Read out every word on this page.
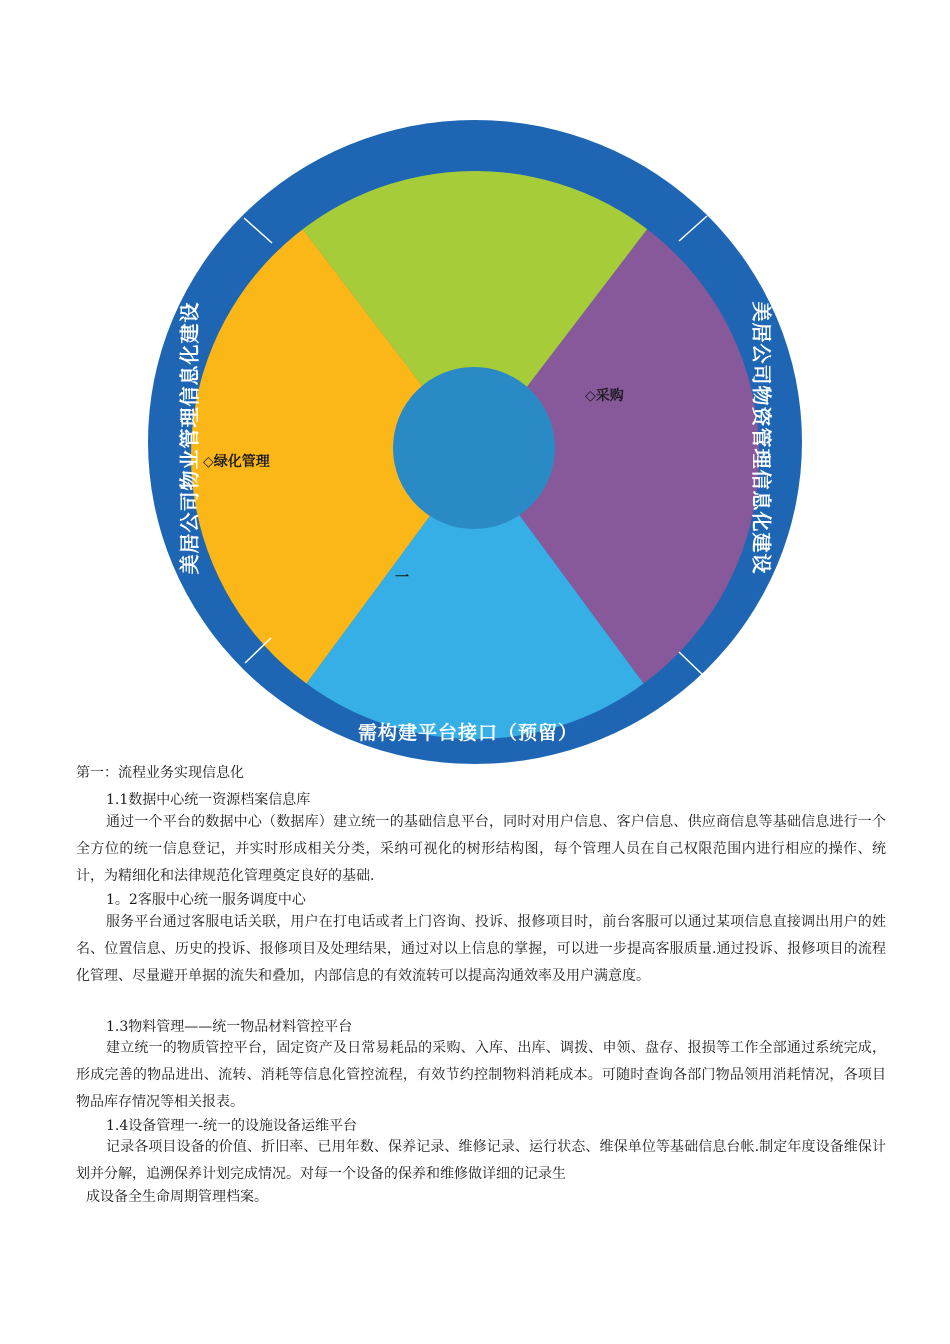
美居公司客服管理信息化建设
美居公司物业管理信息化建设	美居公司物资管理信息化建设
需构建平台接口（预留）
◇绿化管理
◇采购
一
第一：流程业务实现信息化
1.1数据中心统一资源档案信息库
通过一个平台的数据中心（数据库）建立统一的基础信息平台，同时对用户信息、客户信息、供应商信息等基础信息进行一个全方位的统一信息登记，并实时形成相关分类，采纳可视化的树形结构图，每个管理人员在自己权限范围内进行相应的操作、统计，为精细化和法律规范化管理奠定良好的基础.
1。2客服中心统一服务调度中心
服务平台通过客服电话关联，用户在打电话或者上门咨询、投诉、报修项目时，前台客服可以通过某项信息直接调出用户的姓名、位置信息、历史的投诉、报修项目及处理结果，通过对以上信息的掌握，可以进一步提高客服质量.通过投诉、报修项目的流程化管理、尽量避开单据的流失和叠加，内部信息的有效流转可以提高沟通效率及用户满意度。
1.3物料管理——统一物品材料管控平台
建立统一的物质管控平台，固定资产及日常易耗品的采购、入库、出库、调拨、申领、盘存、报损等工作全部通过系统完成，形成完善的物品进出、流转、消耗等信息化管控流程，有效节约控制物料消耗成本。可随时查询各部门物品领用消耗情况，各项目物品库存情况等相关报表。
1.4设备管理一-统一的设施设备运维平台
记录各项目设备的价值、折旧率、已用年数、保养记录、维修记录、运行状态、维保单位等基础信息台帐.制定年度设备维保计划并分解，追溯保养计划完成情况。对每一个设备的保养和维修做详细的记录生
成设备全生命周期管理档案。
